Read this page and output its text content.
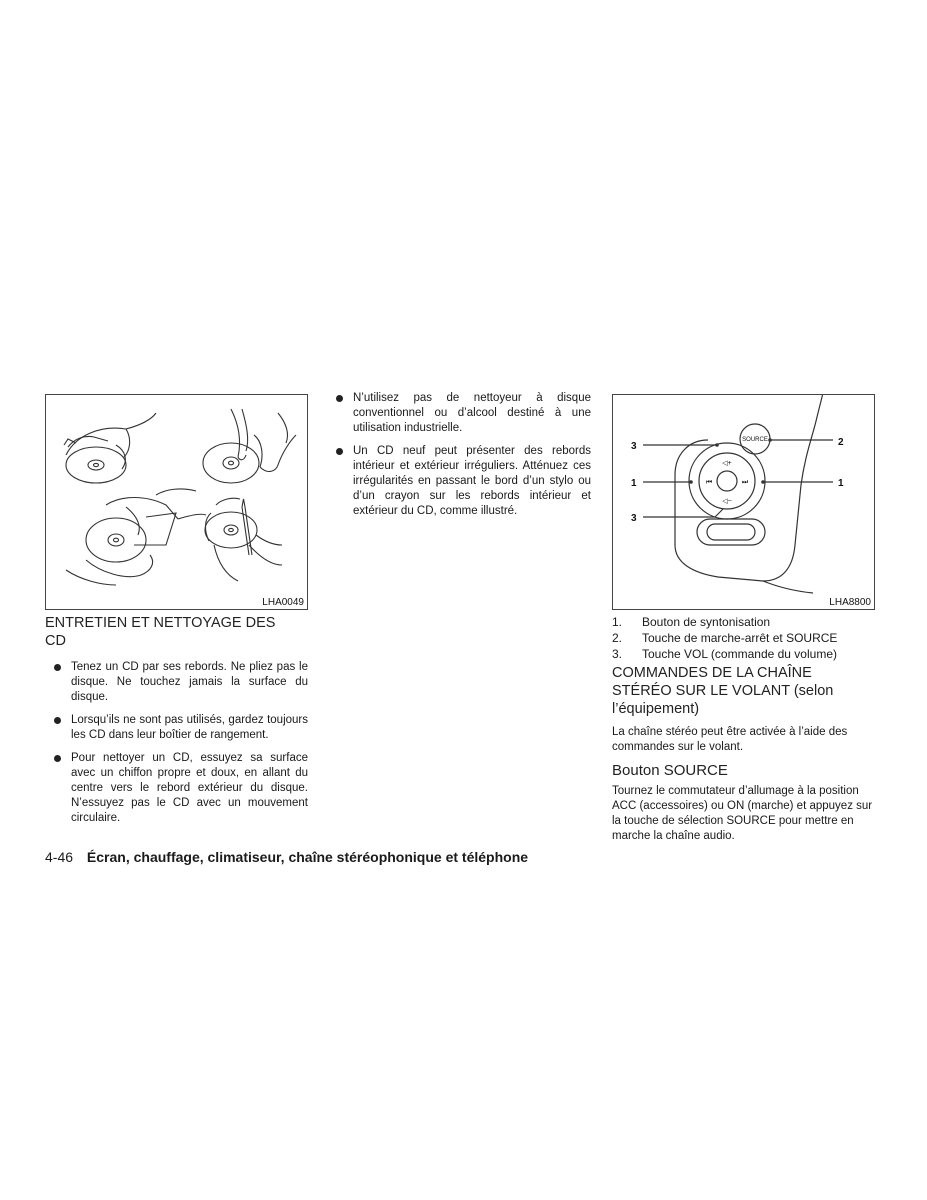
LHA0049
ENTRETIEN ET NETTOYAGE DES CD
Tenez un CD par ses rebords. Ne pliez pas le disque. Ne touchez jamais la surface du disque.
Lorsqu’ils ne sont pas utilisés, gardez toujours les CD dans leur boîtier de rangement.
Pour nettoyer un CD, essuyez sa surface avec un chiffon propre et doux, en allant du centre vers le rebord extérieur du disque. N’essuyez pas le CD avec un mouvement circulaire.
N’utilisez pas de nettoyeur à disque conventionnel ou d’alcool destiné à une utilisation industrielle.
Un CD neuf peut présenter des rebords intérieur et extérieur irréguliers. Atténuez ces irrégularités en passant le bord d’un stylo ou d’un crayon sur les rebords intérieur et extérieur du CD, comme illustré.
3	2
1	1
3
SOURCE
◁+
◁−
⏮	⏭
LHA8800
1.	Bouton de syntonisation
2.	Touche de marche-arrêt et SOURCE
3.	Touche VOL (commande du volume)
COMMANDES DE LA CHAÎNE STÉRÉO SUR LE VOLANT (selon l’équipement)

La chaîne stéréo peut être activée à l’aide des commandes sur le volant.

Bouton SOURCE

Tournez le commutateur d’allumage à la position ACC (accessoires) ou ON (marche) et appuyez sur la touche de sélection SOURCE pour mettre en marche la chaîne audio.

4-46 Écran, chauffage, climatiseur, chaîne stéréophonique et téléphone
